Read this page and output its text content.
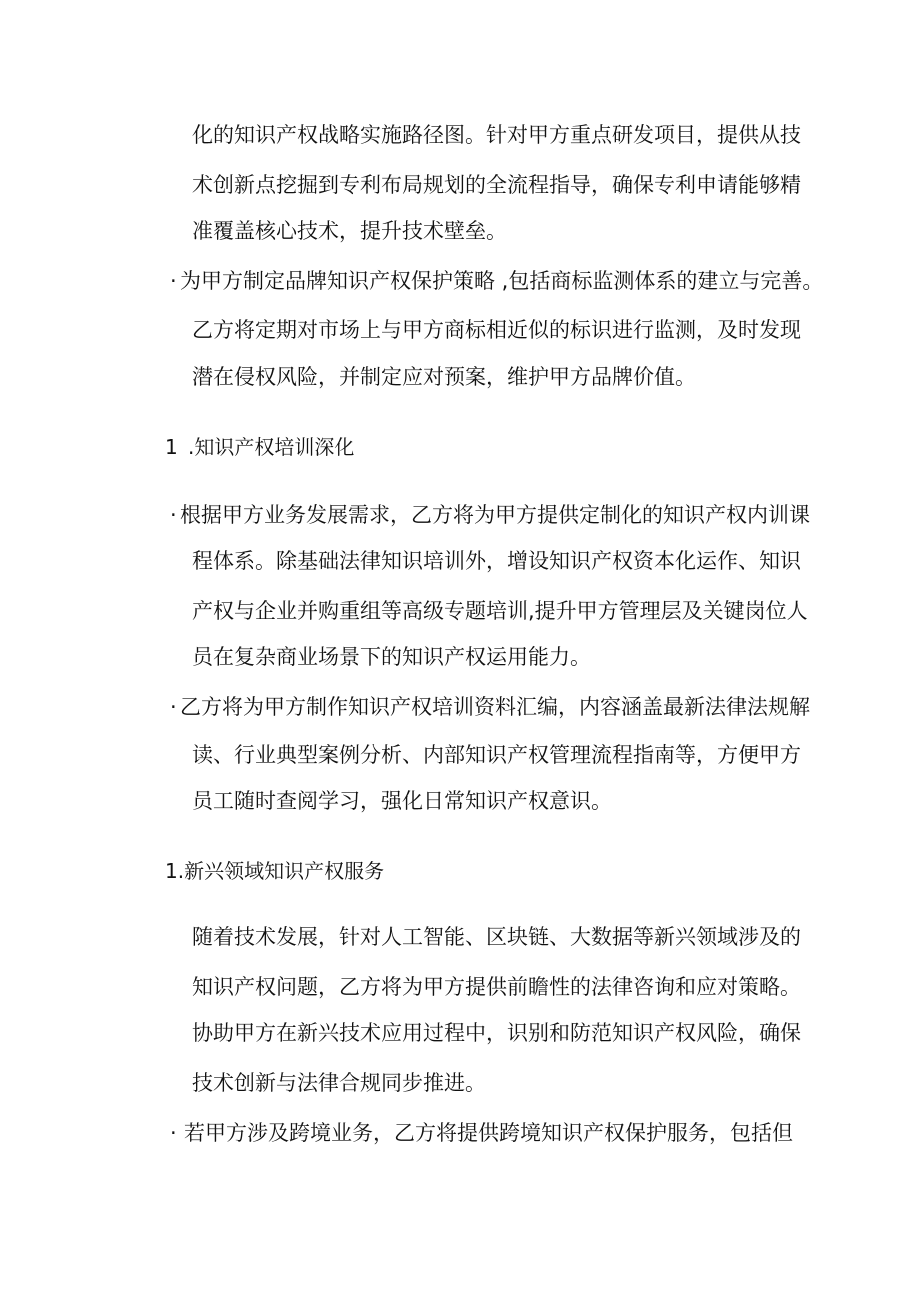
化的知识产权战略实施路径图。针对甲方重点研发项目，提供从技
术创新点挖掘到专利布局规划的全流程指导，确保专利申请能够精
准覆盖核心技术，提升技术壁垒。
· 为甲方制定品牌知识产权保护策略 ,包括商标监测体系的建立与完善。
乙方将定期对市场上与甲方商标相近似的标识进行监测，及时发现
潜在侵权风险，并制定应对预案，维护甲方品牌价值。
1 .知识产权培训深化
· 根据甲方业务发展需求，乙方将为甲方提供定制化的知识产权内训课
程体系。除基础法律知识培训外，增设知识产权资本化运作、知识
产权与企业并购重组等高级专题培训,提升甲方管理层及关键岗位人
员在复杂商业场景下的知识产权运用能力。
· 乙方将为甲方制作知识产权培训资料汇编，内容涵盖最新法律法规解
读、行业典型案例分析、内部知识产权管理流程指南等，方便甲方
员工随时查阅学习，强化日常知识产权意识。
1.新兴领域知识产权服务
随着技术发展，针对人工智能、区块链、大数据等新兴领域涉及的
知识产权问题，乙方将为甲方提供前瞻性的法律咨询和应对策略。
协助甲方在新兴技术应用过程中，识别和防范知识产权风险，确保
技术创新与法律合规同步推进。
· 若甲方涉及跨境业务，乙方将提供跨境知识产权保护服务，包括但
